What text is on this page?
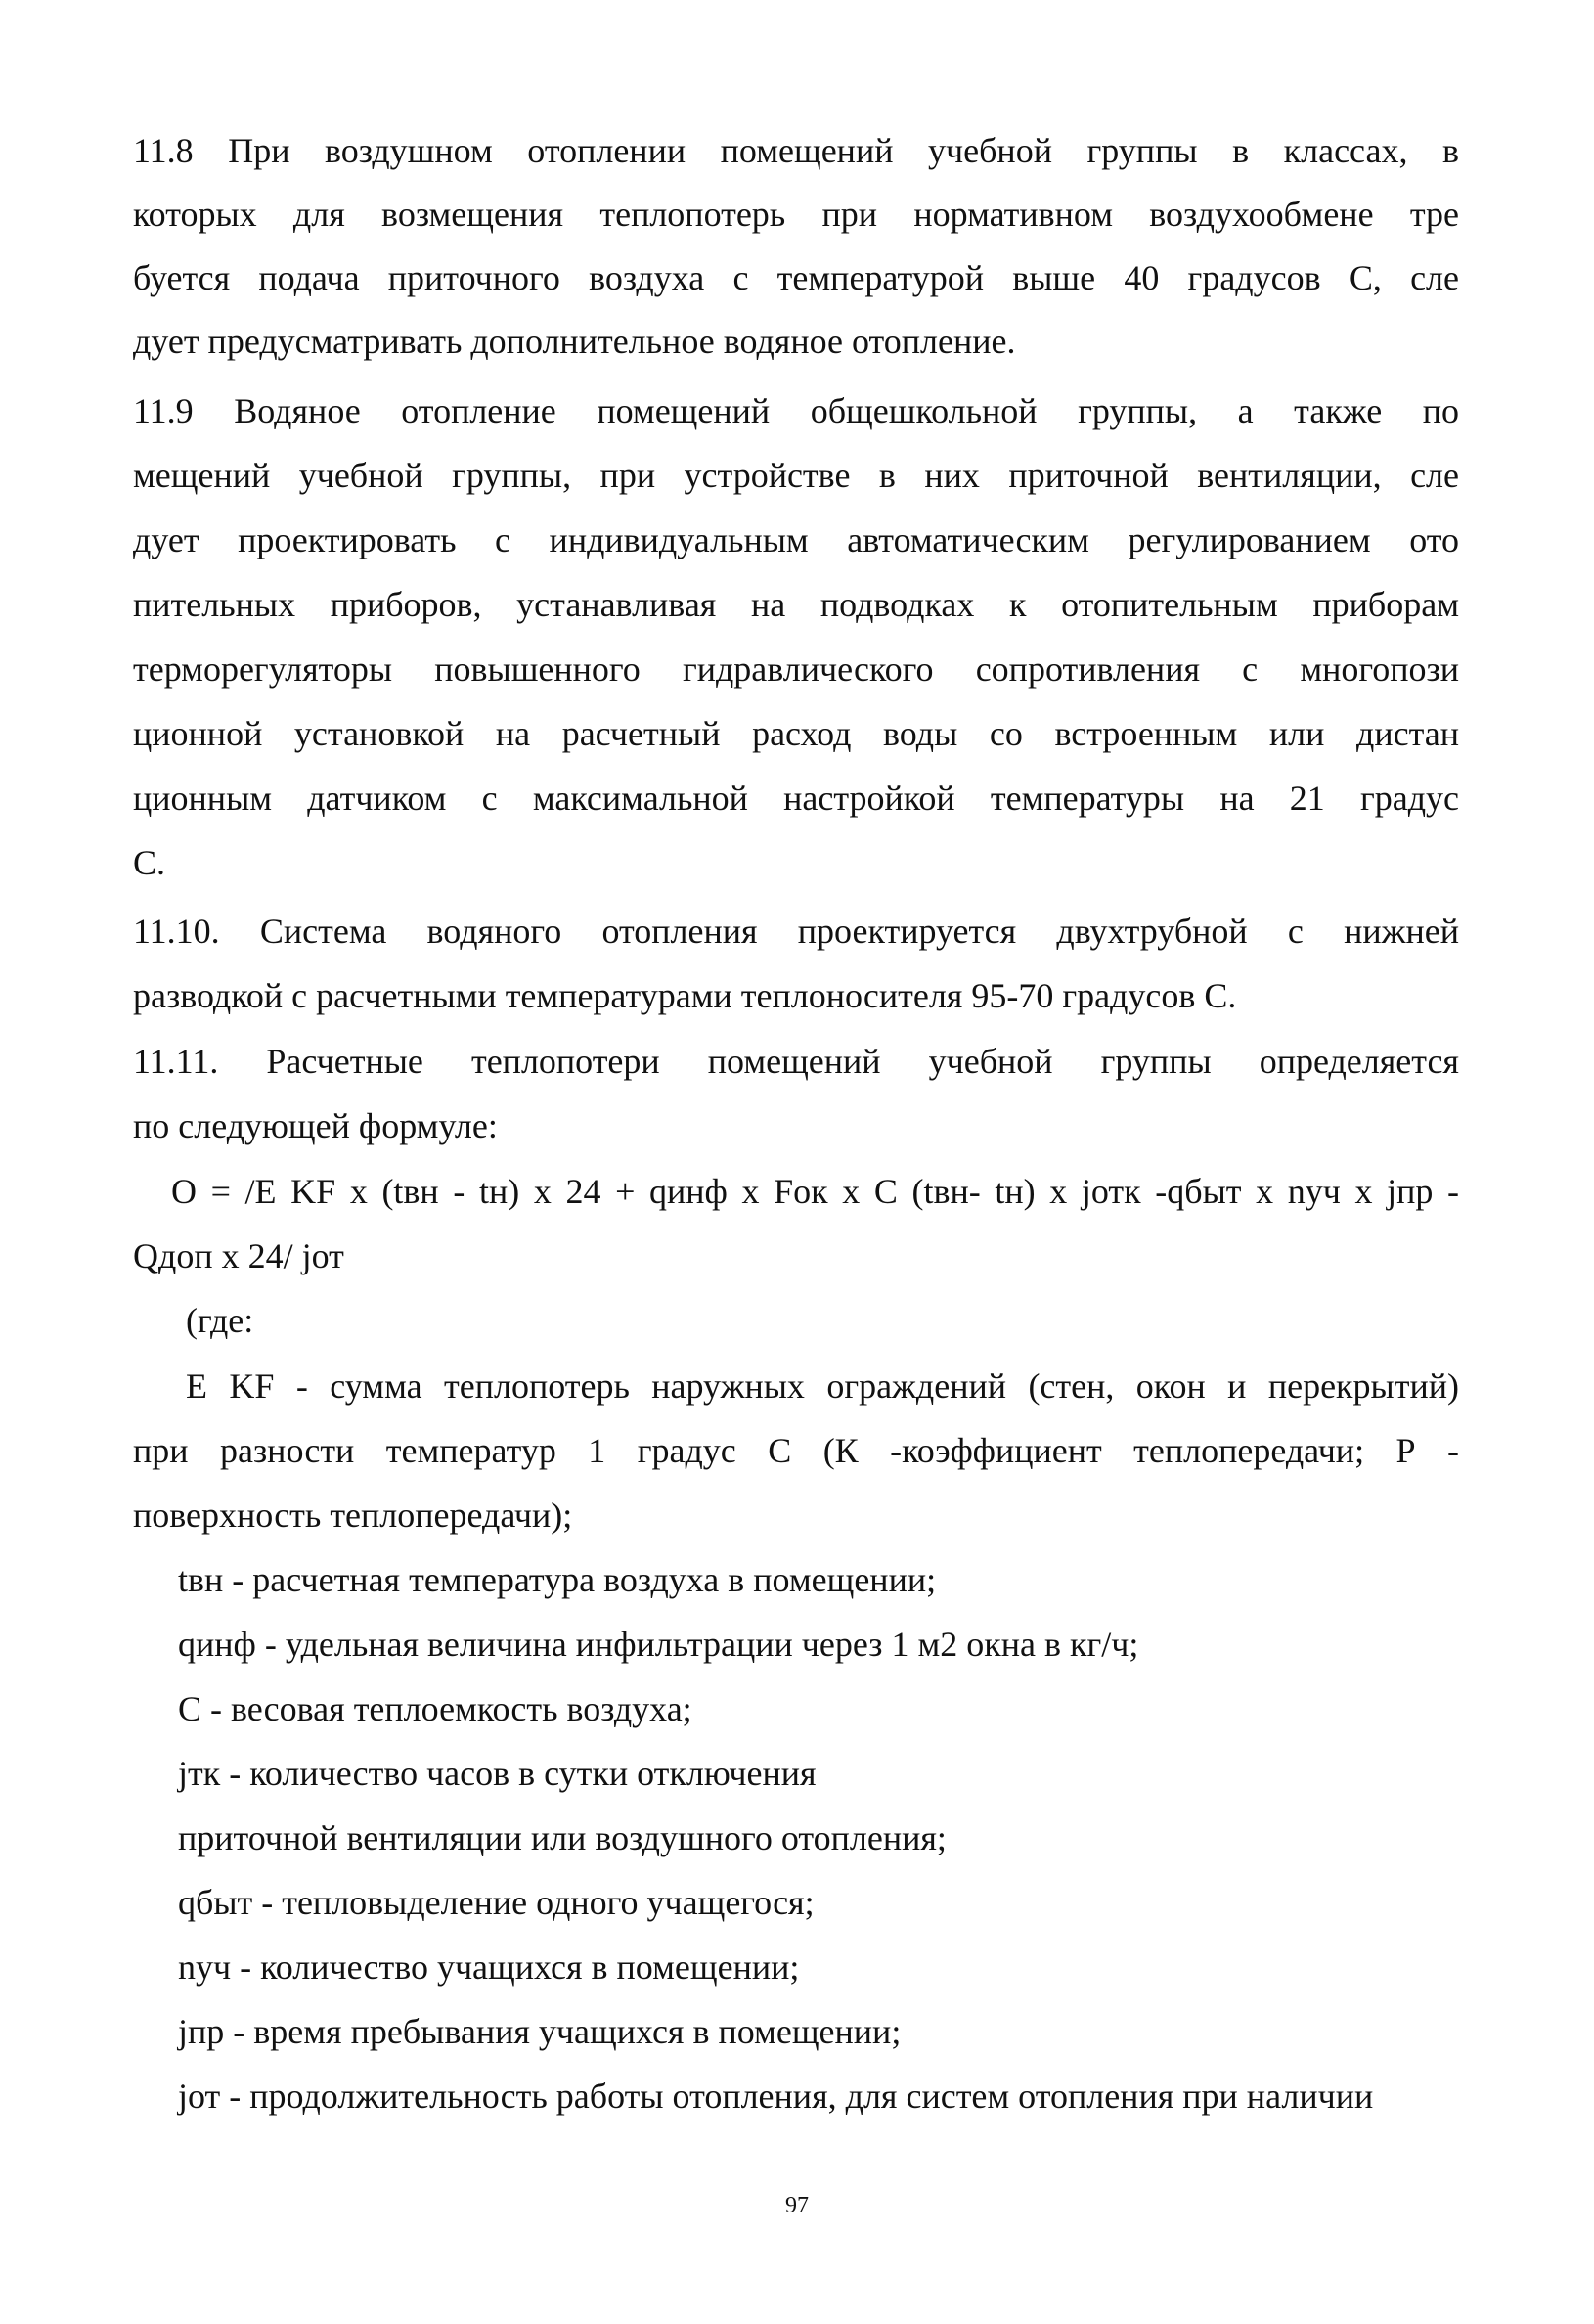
11.8 При воздушном отоплении помещений учебной группы в классах, в
которых для возмещения теплопотерь при нормативном воздухообмене тре
буется подача приточного воздуха с температурой выше 40 градусов С, сле
дует предусматривать дополнительное водяное отопление.
11.9 Водяное отопление помещений общешкольной группы, а также по
мещений учебной группы, при устройстве в них приточной вентиляции, сле
дует проектировать с индивидуальным автоматическим регулированием ото
пительных приборов, устанавливая на подводках к отопительным приборам
терморегуляторы повышенного гидравлического сопротивления с многопози
ционной установкой на расчетный расход воды со встроенным или дистан
ционным датчиком с максимальной настройкой температуры на 21 градус
С.
11.10. Система водяного отопления проектируется двухтрубной с нижней
разводкой с расчетными температурами теплоносителя 95-70 градусов С.
11.11. Расчетные теплопотери помещений учебной группы определяется
по следующей формуле:
О = /Е KF x (tвн - tн) x 24 + qинф x Fок x С (tвн- tн) x jотк -qбыт x nуч x jпр -
Qдоп x 24/ jот
(где:
Е KF - сумма теплопотерь наружных ограждений (стен, окон и перекрытий)
при разности температур 1 градус С (К -коэффициент теплопередачи; Р -
поверхность теплопередачи);
tвн - расчетная температура воздуха в помещении;
qинф - удельная величина инфильтрации через 1 м2 окна в кг/ч;
С - весовая теплоемкость воздуха;
jтк - количество часов в сутки отключения
приточной вентиляции или воздушного отопления;
qбыт - тепловыделение одного учащегося;
nуч - количество учащихся в помещении;
jпр - время пребывания учащихся в помещении;
jот - продолжительность работы отопления, для систем отопления при наличии
97
